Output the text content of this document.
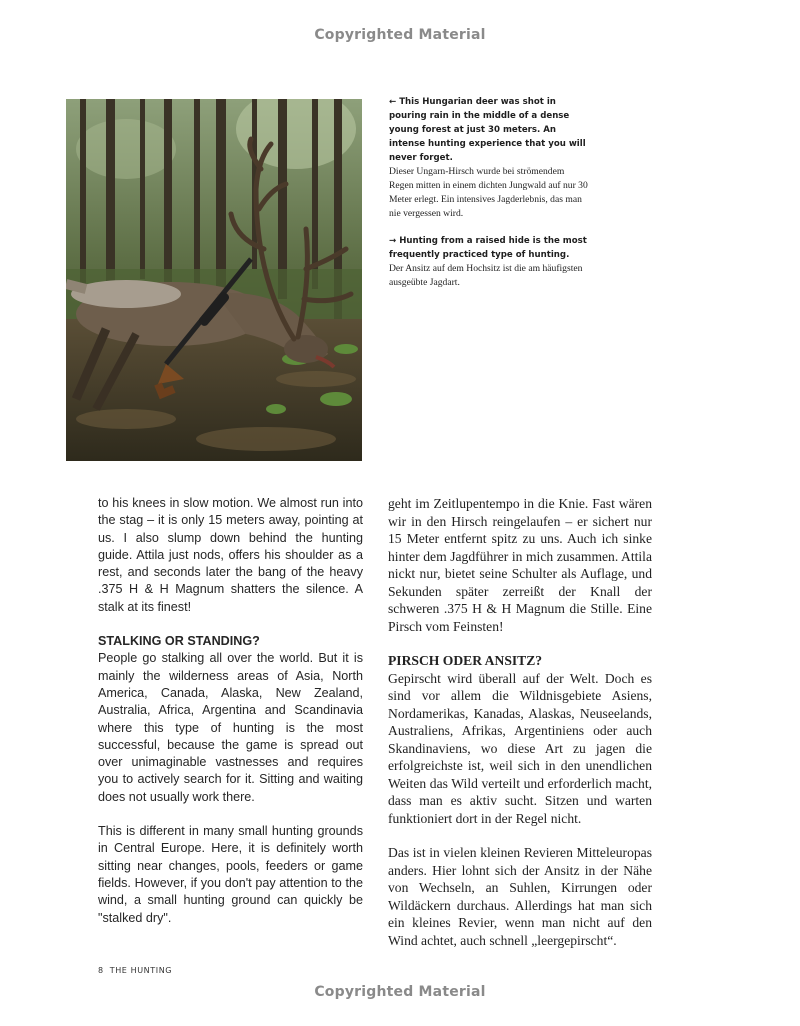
Copyrighted Material

← This Hungarian deer was shot in pouring rain in the middle of a dense young forest at just 30 meters. An intense hunting experience that you will never forget.

Dieser Ungarn-Hirsch wurde bei strömendem Regen mitten in einem dichten Jungwald auf nur 30 Meter erlegt. Ein intensives Jagderlebnis, das man nie vergessen wird.

→ Hunting from a raised hide is the most frequently practiced type of hunting.

Der Ansitz auf dem Hochsitz ist die am häufigsten ausgeübte Jagdart.

to his knees in slow motion. We almost run into the stag – it is only 15 meters away, pointing at us. I also slump down behind the hunting guide. Attila just nods, offers his shoulder as a rest, and seconds later the bang of the heavy .375 H & H Magnum shatters the silence. A stalk at its finest!

STALKING OR STANDING?

People go stalking all over the world. But it is mainly the wilderness areas of Asia, North America, Canada, Alaska, New Zealand, Australia, Africa, Argentina and Scandinavia where this type of hunting is the most successful, because the game is spread out over unimaginable vastnesses and requires you to actively search for it. Sitting and waiting does not usually work there.

This is different in many small hunting grounds in Central Europe. Here, it is definitely worth sitting near changes, pools, feeders or game fields. However, if you don't pay attention to the wind, a small hunting ground can quickly be "stalked dry".

geht im Zeitlupentempo in die Knie. Fast wären wir in den Hirsch reingelaufen – er sichert nur 15 Meter entfernt spitz zu uns. Auch ich sinke hinter dem Jagdführer in mich zusammen. Attila nickt nur, bietet seine Schulter als Auflage, und Sekunden später zerreißt der Knall der schweren .375 H & H Magnum die Stille. Eine Pirsch vom Feinsten!

PIRSCH ODER ANSITZ?

Gepirscht wird überall auf der Welt. Doch es sind vor allem die Wildnisgebiete Asiens, Nordamerikas, Kanadas, Alaskas, Neuseelands, Australiens, Afrikas, Argentiniens oder auch Skandinaviens, wo diese Art zu jagen die erfolgreichste ist, weil sich in den unendlichen Weiten das Wild verteilt und erforderlich macht, dass man es aktiv sucht. Sitzen und warten funktioniert dort in der Regel nicht.

Das ist in vielen kleinen Revieren Mitteleuropas anders. Hier lohnt sich der Ansitz in der Nähe von Wechseln, an Suhlen, Kirrungen oder Wildäckern durchaus. Allerdings hat man sich ein kleines Revier, wenn man nicht auf den Wind achtet, auch schnell „leergepirscht“.

8 THE HUNTING
Copyrighted Material
